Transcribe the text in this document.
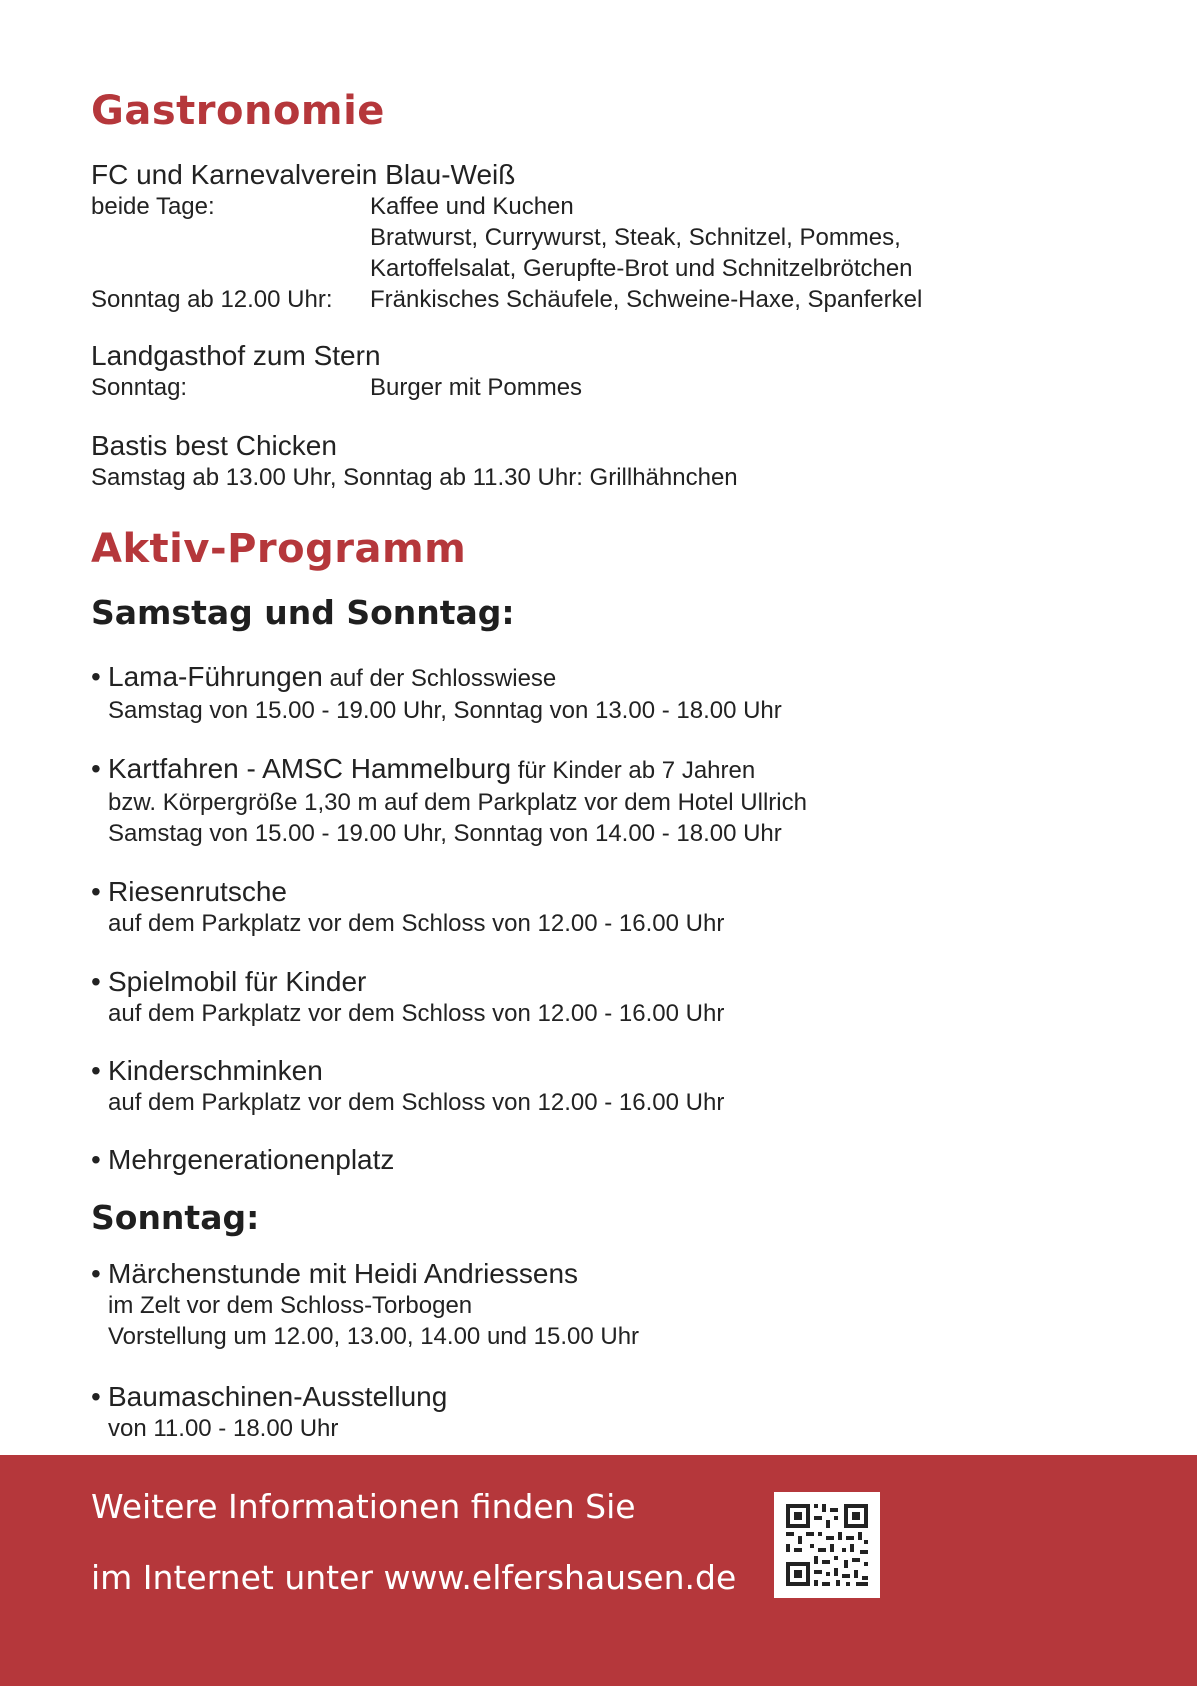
Gastronomie
FC und Karnevalverein Blau-Weiß
beide Tage:	Kaffee und Kuchen
Bratwurst, Currywurst, Steak, Schnitzel, Pommes,
Kartoffelsalat, Gerupfte-Brot und Schnitzelbrötchen
Sonntag ab 12.00 Uhr:	Fränkisches Schäufele, Schweine-Haxe, Spanferkel
Landgasthof zum Stern
Sonntag:	Burger mit Pommes
Bastis best Chicken
Samstag ab 13.00 Uhr, Sonntag ab 11.30 Uhr: Grillhähnchen
Aktiv-Programm
Samstag und Sonntag:
• Lama-Führungen auf der Schlosswiese
Samstag von 15.00 - 19.00 Uhr, Sonntag von 13.00 - 18.00 Uhr
• Kartfahren - AMSC Hammelburg für Kinder ab 7 Jahren
bzw. Körpergröße 1,30 m auf dem Parkplatz vor dem Hotel Ullrich
Samstag von 15.00 - 19.00 Uhr, Sonntag von 14.00 - 18.00 Uhr
• Riesenrutsche
auf dem Parkplatz vor dem Schloss von 12.00 - 16.00 Uhr
• Spielmobil für Kinder
auf dem Parkplatz vor dem Schloss von 12.00 - 16.00 Uhr
• Kinderschminken
auf dem Parkplatz vor dem Schloss von 12.00 - 16.00 Uhr
• Mehrgenerationenplatz
Sonntag:
• Märchenstunde mit Heidi Andriessens
im Zelt vor dem Schloss-Torbogen
Vorstellung um 12.00, 13.00, 14.00 und 15.00 Uhr
• Baumaschinen-Ausstellung
von 11.00 - 18.00 Uhr
Weitere Informationen finden Sie
im Internet unter www.elfershausen.de
